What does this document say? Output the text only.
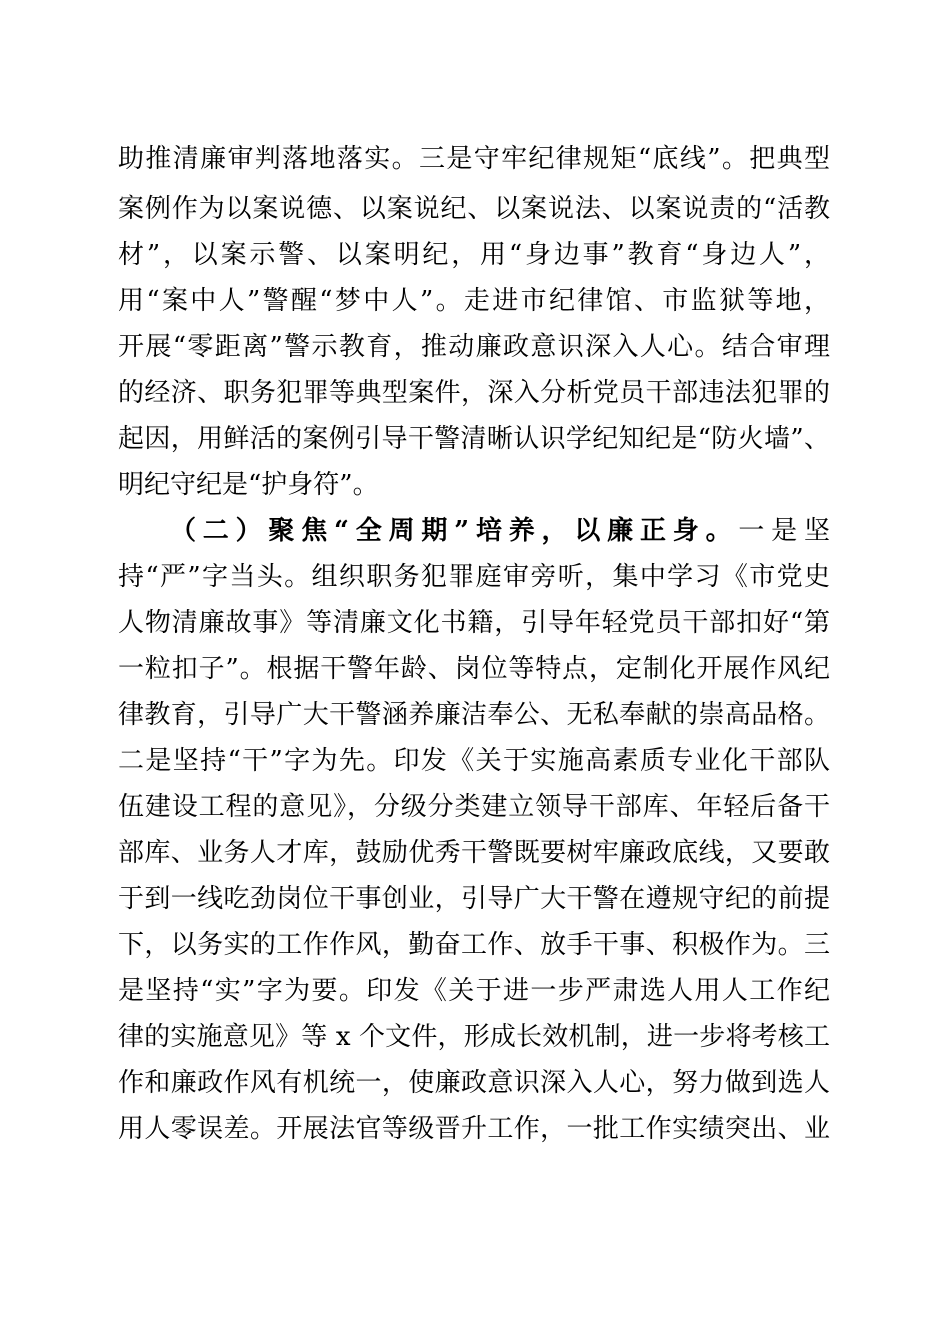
助推清廉审判落地落实。三是守牢纪律规矩“底线”。把典型

案例作为以案说德、以案说纪、以案说法、以案说责的“活教

材”，以案示警、以案明纪，用“身边事”教育“身边人”，

用“案中人”警醒“梦中人”。走进市纪律馆、市监狱等地，

开展“零距离”警示教育，推动廉政意识深入人心。结合审理

的经济、职务犯罪等典型案件，深入分析党员干部违法犯罪的

起因，用鲜活的案例引导干警清晰认识学纪知纪是“防火墙”、

明纪守纪是“护身符”。

（二）聚焦“全周期”培养，以廉正身。一是坚

持“严”字当头。组织职务犯罪庭审旁听，集中学习《市党史

人物清廉故事》等清廉文化书籍，引导年轻党员干部扣好“第

一粒扣子”。根据干警年龄、岗位等特点，定制化开展作风纪

律教育，引导广大干警涵养廉洁奉公、无私奉献的崇高品格。

二是坚持“干”字为先。印发《关于实施高素质专业化干部队

伍建设工程的意见》，分级分类建立领导干部库、年轻后备干

部库、业务人才库，鼓励优秀干警既要树牢廉政底线，又要敢

于到一线吃劲岗位干事创业，引导广大干警在遵规守纪的前提

下，以务实的工作作风，勤奋工作、放手干事、积极作为。三

是坚持“实”字为要。印发《关于进一步严肃选人用人工作纪

律的实施意见》等 x 个文件，形成长效机制，进一步将考核工

作和廉政作风有机统一，使廉政意识深入人心，努力做到选人

用人零误差。开展法官等级晋升工作，一批工作实绩突出、业
